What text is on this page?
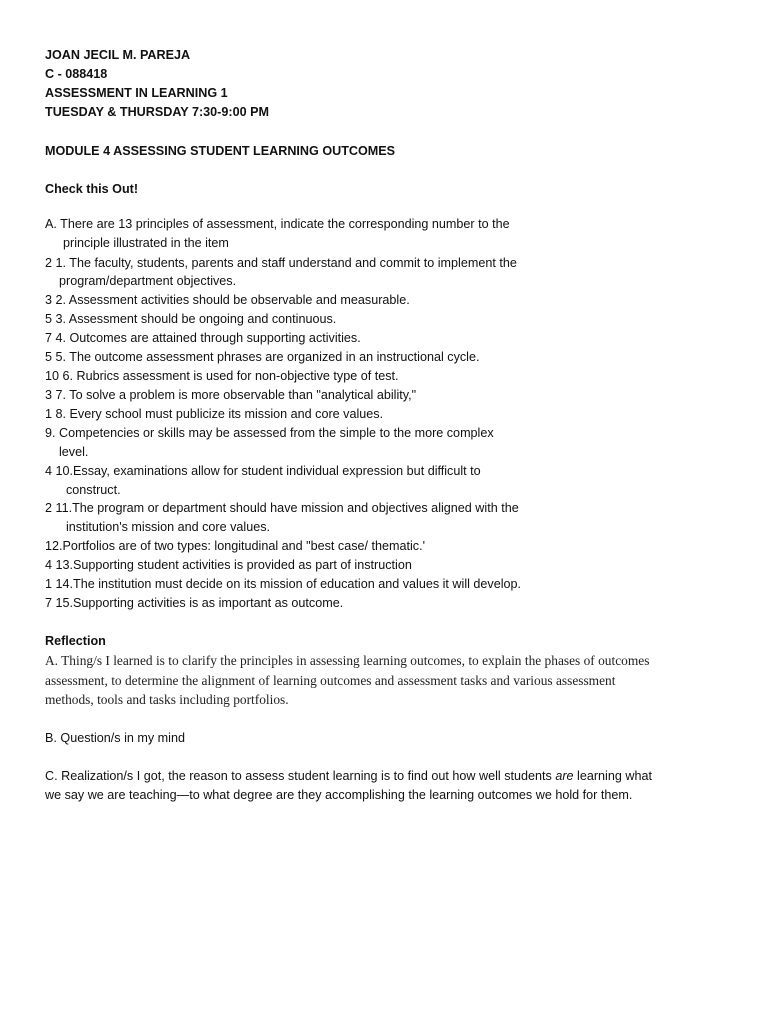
JOAN JECIL M. PAREJA

C - 088418

ASSESSMENT IN LEARNING 1

TUESDAY & THURSDAY 7:30-9:00 PM

MODULE 4 ASSESSING STUDENT LEARNING OUTCOMES

Check this Out!

A. There are 13 principles of assessment, indicate the corresponding number to the

principle illustrated in the item

2 1. The faculty, students, parents and staff understand and commit to implement the

program/department objectives.

3 2. Assessment activities should be observable and measurable.

5 3. Assessment should be ongoing and continuous.

7 4. Outcomes are attained through supporting activities.

5 5. The outcome assessment phrases are organized in an instructional cycle.

10 6. Rubrics assessment is used for non-objective type of test.

3 7. To solve a problem is more observable than "analytical ability,"

1 8. Every school must publicize its mission and core values.

9. Competencies or skills may be assessed from the simple to the more complex

level.

4 10.Essay, examinations allow for student individual expression but difficult to

construct.

2 11.The program or department should have mission and objectives aligned with the

institution's mission and core values.

12.Portfolios are of two types: longitudinal and "best case/ thematic.'

4 13.Supporting student activities is provided as part of instruction

1 14.The institution must decide on its mission of education and values it will develop.

7 15.Supporting activities is as important as outcome.

Reflection

A. Thing/s I learned is to clarify the principles in assessing learning outcomes, to explain the phases of outcomes

assessment, to determine the alignment of learning outcomes and assessment tasks and various assessment

methods, tools and tasks including portfolios.

B. Question/s in my mind

C. Realization/s I got, the reason to assess student learning is to find out how well students are learning what

we say we are teaching—to what degree are they accomplishing the learning outcomes we hold for them.
